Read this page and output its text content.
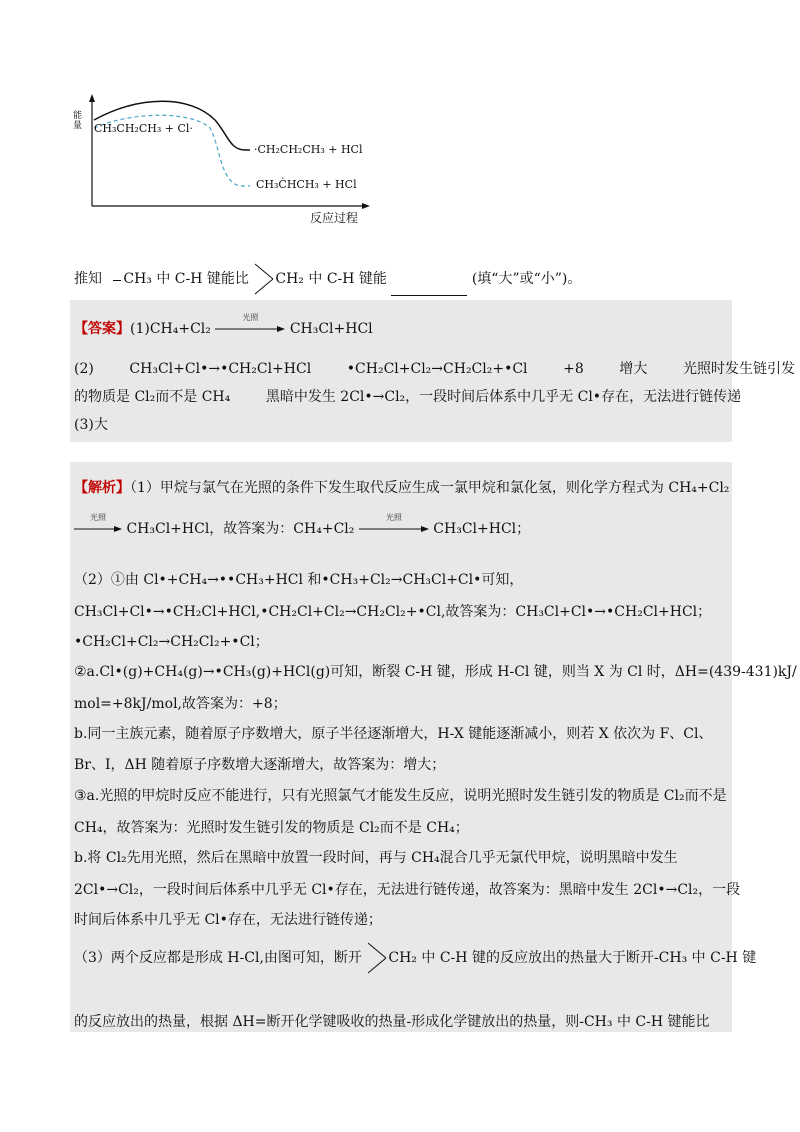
能量 CH₃CH₂CH₃ + Cl·
·CH₂CH₂CH₃ + HCl
CH₃ĊHCH₃ + HCl
反应过程
推知 CH₃ 中 C-H 键能比 CH₂ 中 C-H 键能	(填“大”或“小”)。
【答案】(1)CH₄+Cl₂
光照
CH₃Cl+HCl
(2)        CH₃Cl+Cl•→•CH₂Cl+HCl        •CH₂Cl+Cl₂→CH₂Cl₂+•Cl        +8        增大        光照时发生链引发
的物质是 Cl₂而不是 CH₄        黑暗中发生 2Cl•→Cl₂，一段时间后体系中几乎无 Cl•存在，无法进行链传递
(3)大
【解析】（1）甲烷与氯气在光照的条件下发生取代反应生成一氯甲烷和氯化氢，则化学方程式为 CH₄+Cl₂
光照
CH₃Cl+HCl，故答案为：CH₄+Cl₂
光照
CH₃Cl+HCl；
（2）①由 Cl•+CH₄→••CH₃+HCl 和•CH₃+Cl₂→CH₃Cl+Cl•可知，
CH₃Cl+Cl•→•CH₂Cl+HCl,•CH₂Cl+Cl₂→CH₂Cl₂+•Cl,故答案为：CH₃Cl+Cl•→•CH₂Cl+HCl；
•CH₂Cl+Cl₂→CH₂Cl₂+•Cl；
②a.Cl•(g)+CH₄(g)→•CH₃(g)+HCl(g)可知，断裂 C-H 键，形成 H-Cl 键，则当 X 为 Cl 时，ΔH=(439-431)kJ/
mol=+8kJ/mol,故答案为：+8；
b.同一主族元素，随着原子序数增大，原子半径逐渐增大，H-X 键能逐渐减小，则若 X 依次为 F、Cl、
Br、I，ΔH 随着原子序数增大逐渐增大，故答案为：增大；
③a.光照的甲烷时反应不能进行，只有光照氯气才能发生反应，说明光照时发生链引发的物质是 Cl₂而不是
CH₄，故答案为：光照时发生链引发的物质是 Cl₂而不是 CH₄；
b.将 Cl₂先用光照，然后在黑暗中放置一段时间，再与 CH₄混合几乎无氯代甲烷，说明黑暗中发生
2Cl•→Cl₂，一段时间后体系中几乎无 Cl•存在，无法进行链传递，故答案为：黑暗中发生 2Cl•→Cl₂，一段
时间后体系中几乎无 Cl•存在，无法进行链传递；
（3）两个反应都是形成 H-Cl,由图可知，断开 CH₂ 中 C-H 键的反应放出的热量大于断开-CH₃ 中 C-H 键
的反应放出的热量，根据 ΔH=断开化学键吸收的热量-形成化学键放出的热量，则-CH₃ 中 C-H 键能比
